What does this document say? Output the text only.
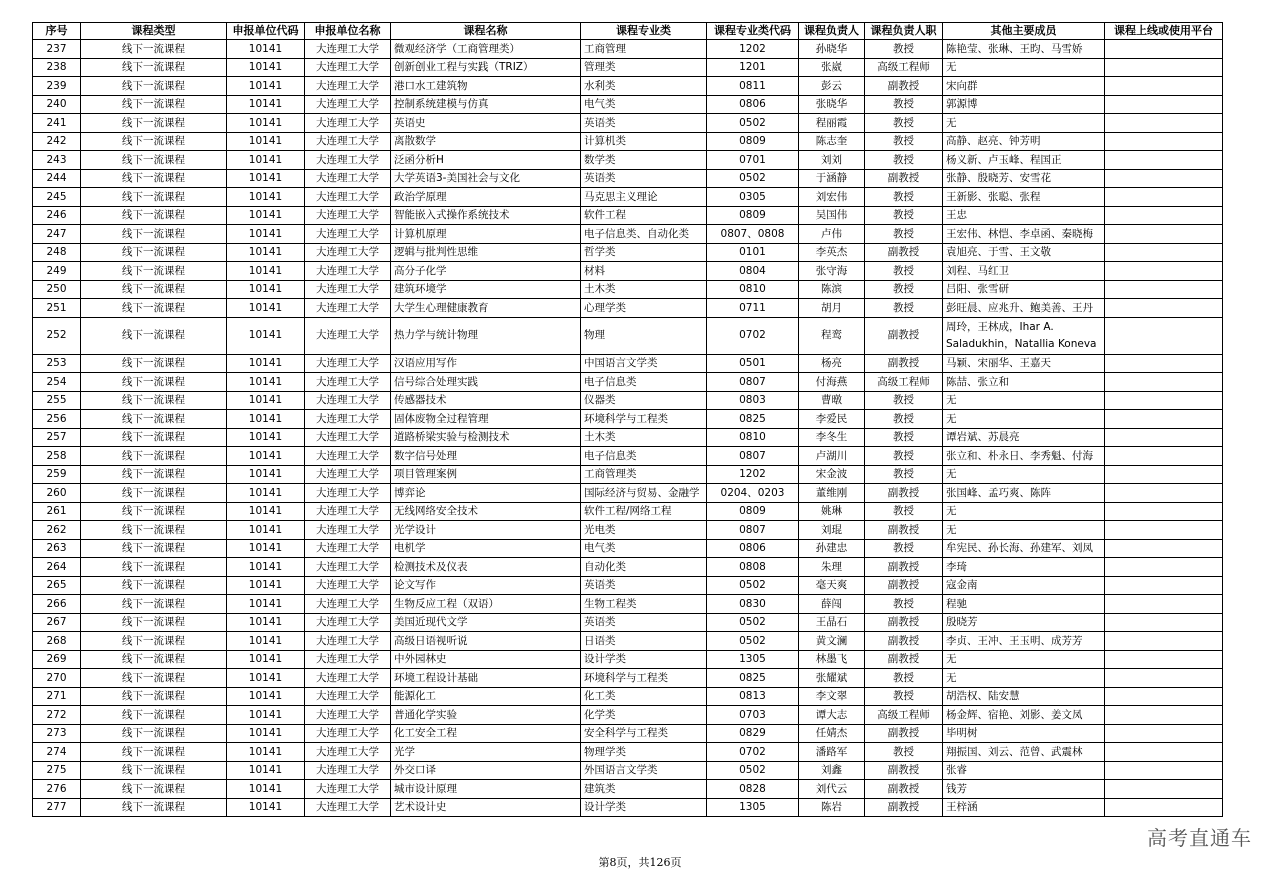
序号	课程类型	申报单位代码	申报单位名称	课程名称	课程专业类	课程专业类代码	课程负责人	课程负责人职	其他主要成员	课程上线或使用平台
237	线下一流课程	10141	大连理工大学	微观经济学（工商管理类）	工商管理	1202	孙晓华	教授	陈艳莹、张琳、王昀、马雪娇	
238	线下一流课程	10141	大连理工大学	创新创业工程与实践（TRIZ）	管理类	1201	张崴	高级工程师	无	
239	线下一流课程	10141	大连理工大学	港口水工建筑物	水利类	0811	彭云	副教授	宋向群	
240	线下一流课程	10141	大连理工大学	控制系统建模与仿真	电气类	0806	张晓华	教授	郭源博	
241	线下一流课程	10141	大连理工大学	英语史	英语类	0502	程丽霞	教授	无	
242	线下一流课程	10141	大连理工大学	离散数学	计算机类	0809	陈志奎	教授	高静、赵亮、钟芳明	
243	线下一流课程	10141	大连理工大学	泛函分析H	数学类	0701	刘刘	教授	杨义新、卢玉峰、程国正	
244	线下一流课程	10141	大连理工大学	大学英语3-美国社会与文化	英语类	0502	于涵静	副教授	张静、殷晓芳、安雪花	
245	线下一流课程	10141	大连理工大学	政治学原理	马克思主义理论	0305	刘宏伟	教授	王新影、张聪、张程	
246	线下一流课程	10141	大连理工大学	智能嵌入式操作系统技术	软件工程	0809	吴国伟	教授	王忠	
247	线下一流课程	10141	大连理工大学	计算机原理	电子信息类、自动化类	0807、0808	卢伟	教授	王宏伟、林恺、李卓函、秦晓梅	
248	线下一流课程	10141	大连理工大学	逻辑与批判性思维	哲学类	0101	李英杰	副教授	袁旭亮、于雪、王文敬	
249	线下一流课程	10141	大连理工大学	高分子化学	材料	0804	张守海	教授	刘程、马红卫	
250	线下一流课程	10141	大连理工大学	建筑环境学	土木类	0810	陈滨	教授	吕阳、张雪研	
251	线下一流课程	10141	大连理工大学	大学生心理健康教育	心理学类	0711	胡月	教授	彭旺晨、应兆升、鲍美善、王丹	
252	线下一流课程	10141	大连理工大学	热力学与统计物理	物理	0702	程鸾	副教授	周玲，王林成，Ihar A. Saladukhin，Natallia Koneva	
253	线下一流课程	10141	大连理工大学	汉语应用写作	中国语言文学类	0501	杨亮	副教授	马颖、宋丽华、王嘉天	
254	线下一流课程	10141	大连理工大学	信号综合处理实践	电子信息类	0807	付海燕	高级工程师	陈喆、张立和	
255	线下一流课程	10141	大连理工大学	传感器技术	仪器类	0803	曹暾	教授	无	
256	线下一流课程	10141	大连理工大学	固体废物全过程管理	环境科学与工程类	0825	李爱民	教授	无	
257	线下一流课程	10141	大连理工大学	道路桥梁实验与检测技术	土木类	0810	李冬生	教授	谭岩斌、苏晨亮	
258	线下一流课程	10141	大连理工大学	数字信号处理	电子信息类	0807	卢湖川	教授	张立和、朴永日、李秀魁、付海	
259	线下一流课程	10141	大连理工大学	项目管理案例	工商管理类	1202	宋金波	教授	无	
260	线下一流课程	10141	大连理工大学	博弈论	国际经济与贸易、金融学	0204、0203	董维刚	副教授	张国峰、孟巧爽、陈阵	
261	线下一流课程	10141	大连理工大学	无线网络安全技术	软件工程/网络工程	0809	姚琳	教授	无	
262	线下一流课程	10141	大连理工大学	光学设计	光电类	0807	刘琨	副教授	无	
263	线下一流课程	10141	大连理工大学	电机学	电气类	0806	孙建忠	教授	牟宪民、孙长海、孙建军、刘凤	
264	线下一流课程	10141	大连理工大学	检测技术及仪表	自动化类	0808	朱理	副教授	李琦	
265	线下一流课程	10141	大连理工大学	论文写作	英语类	0502	毫天爽	副教授	寇金南	
266	线下一流课程	10141	大连理工大学	生物反应工程（双语）	生物工程类	0830	薛闯	教授	程驰	
267	线下一流课程	10141	大连理工大学	美国近现代文学	英语类	0502	王晶石	副教授	殷晓芳	
268	线下一流课程	10141	大连理工大学	高级日语视听说	日语类	0502	黄文澜	副教授	李贞、王冲、王玉明、成芳芳	
269	线下一流课程	10141	大连理工大学	中外园林史	设计学类	1305	林墨飞	副教授	无	
270	线下一流课程	10141	大连理工大学	环境工程设计基础	环境科学与工程类	0825	张耀斌	教授	无	
271	线下一流课程	10141	大连理工大学	能源化工	化工类	0813	李文翠	教授	胡浩权、陆安慧	
272	线下一流课程	10141	大连理工大学	普通化学实验	化学类	0703	谭大志	高级工程师	杨金辉、宿艳、刘影、姜文凤	
273	线下一流课程	10141	大连理工大学	化工安全工程	安全科学与工程类	0829	任婧杰	副教授	毕明树	
274	线下一流课程	10141	大连理工大学	光学	物理学类	0702	潘路军	教授	翔振国、刘云、范曾、武震林	
275	线下一流课程	10141	大连理工大学	外交口译	外国语言文学类	0502	刘鑫	副教授	张睿	
276	线下一流课程	10141	大连理工大学	城市设计原理	建筑类	0828	刘代云	副教授	钱芳	
277	线下一流课程	10141	大连理工大学	艺术设计史	设计学类	1305	陈岩	副教授	王梓涵	
第8页，共126页
高考直通车
